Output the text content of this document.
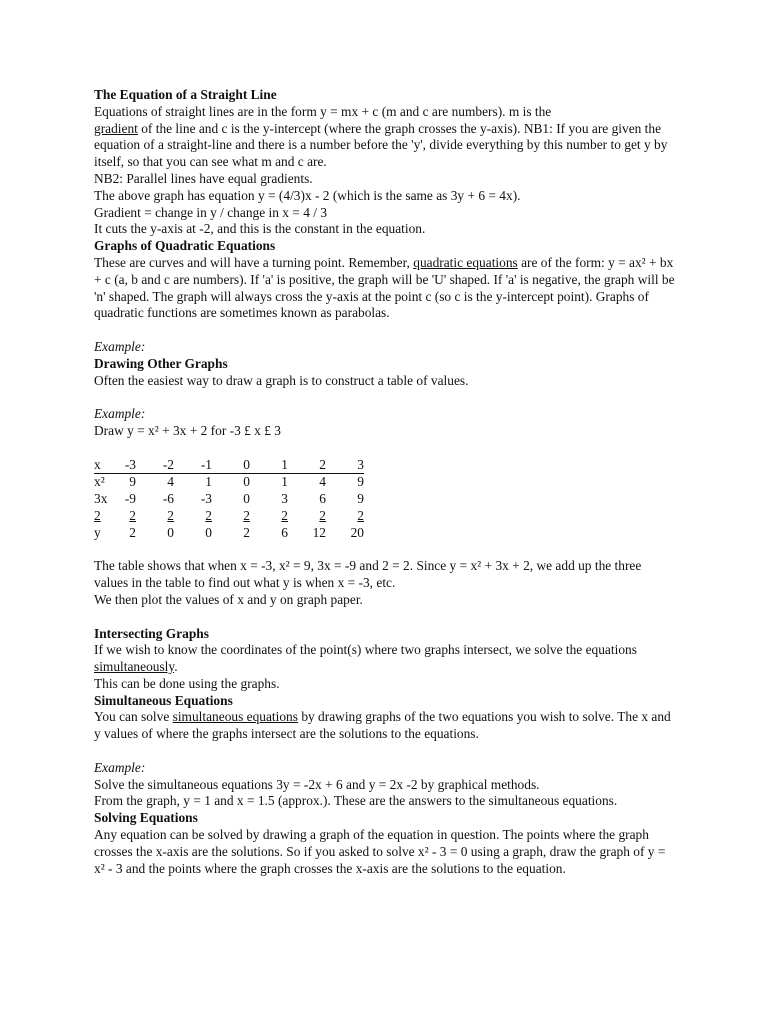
The Equation of a Straight Line
Equations of straight lines are in the form y = mx + c (m and c are numbers). m is the
gradient of the line and c is the y-intercept (where the graph crosses the y-axis). NB1: If you are given the equation of a straight-line and there is a number before the 'y', divide everything by this number to get y by itself, so that you can see what m and c are.
NB2: Parallel lines have equal gradients.
The above graph has equation y = (4/3)x - 2 (which is the same as 3y + 6 = 4x).
Gradient = change in y / change in x = 4 / 3
It cuts the y-axis at -2, and this is the constant in the equation.
Graphs of Quadratic Equations
These are curves and will have a turning point. Remember, quadratic equations are of the form: y = ax² + bx + c (a, b and c are numbers). If 'a' is positive, the graph will be 'U' shaped. If 'a' is negative, the graph will be 'n' shaped. The graph will always cross the y-axis at the point c (so c is the y-intercept point). Graphs of quadratic functions are sometimes known as parabolas.
Example:
Drawing Other Graphs
Often the easiest way to draw a graph is to construct a table of values.
Example:
Draw y = x² + 3x + 2 for -3 £ x £ 3
x	-3	-2	-1	0	1	2	3
x²	9	4	1	0	1	4	9
3x	-9	-6	-3	0	3	6	9
2	2	2	2	2	2	2	2
y	2	0	0	2	6	12	20
The table shows that when x = -3, x² = 9, 3x = -9 and 2 = 2. Since y = x² + 3x + 2, we add up the three values in the table to find out what y is when x = -3, etc.
We then plot the values of x and y on graph paper.
Intersecting Graphs
If we wish to know the coordinates of the point(s) where two graphs intersect, we solve the equations simultaneously.
This can be done using the graphs.
Simultaneous Equations
You can solve simultaneous equations by drawing graphs of the two equations you wish to solve. The x and y values of where the graphs intersect are the solutions to the equations.
Example:
Solve the simultaneous equations 3y = -2x + 6 and y = 2x -2 by graphical methods.
From the graph, y = 1 and x = 1.5 (approx.). These are the answers to the simultaneous equations.
Solving Equations
Any equation can be solved by drawing a graph of the equation in question. The points where the graph crosses the x-axis are the solutions. So if you asked to solve x² - 3 = 0 using a graph, draw the graph of y = x² - 3 and the points where the graph crosses the x-axis are the solutions to the equation.
